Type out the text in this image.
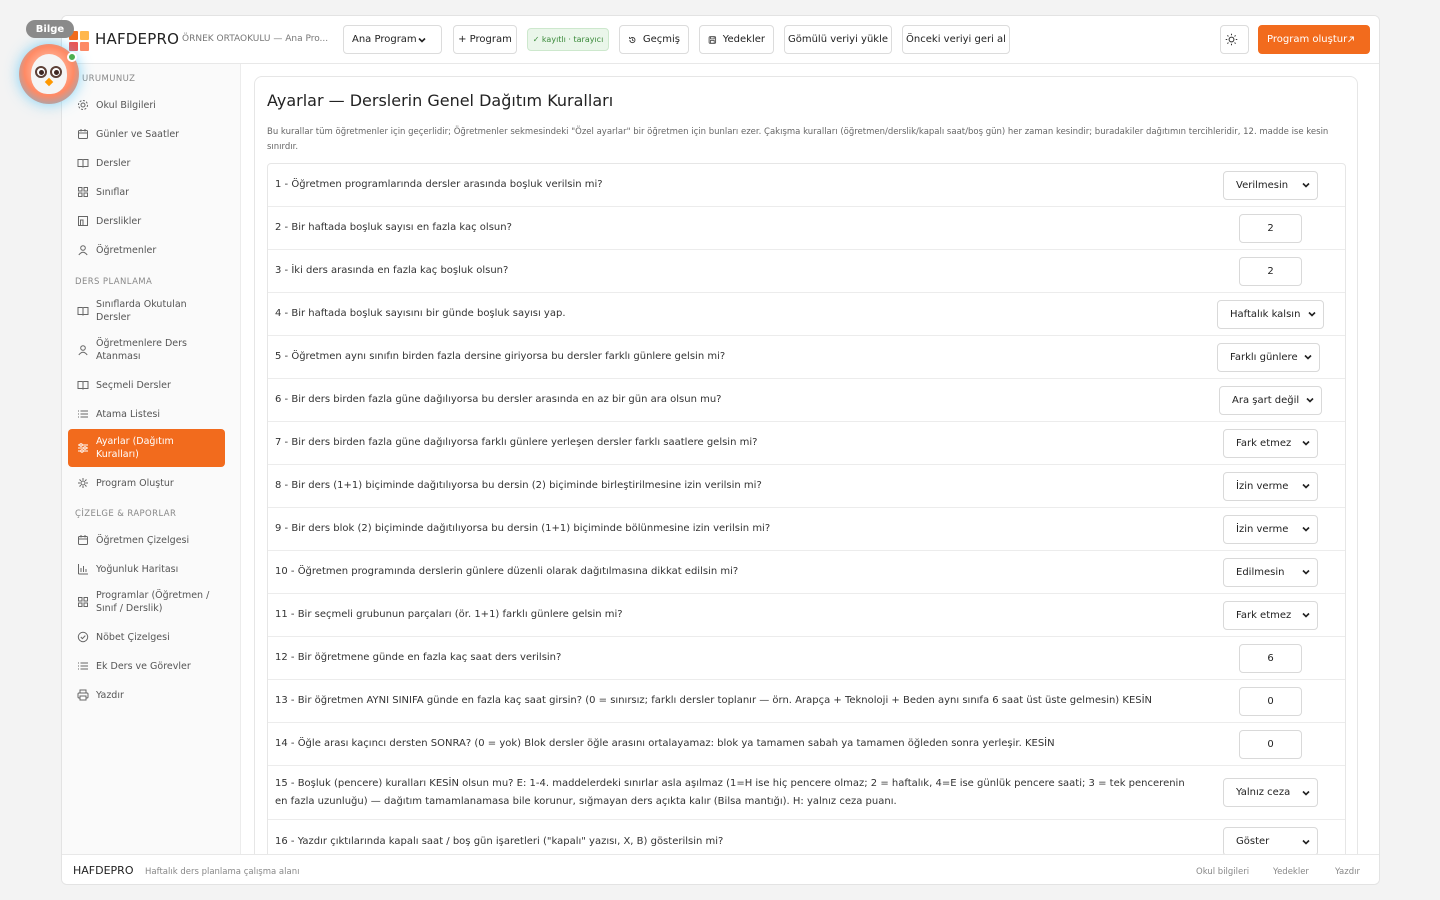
HAFDEPRO ÖRNEK ORTAOKULU — Ana Pro... Ana Program	+ Program	✓ kayıtlı · tarayıcı	Geçmiş	Yedekler	Gömülü veriyi yükle	Önceki veriyi geri al	Program oluştur
URUMUNUZ
Okul Bilgileri
Günler ve Saatler
Dersler
Sınıflar
Derslikler
Öğretmenler
DERS PLANLAMA
Sınıflarda Okutulan Dersler
Öğretmenlere Ders Atanması
Seçmeli Dersler
Atama Listesi
Ayarlar (Dağıtım Kuralları)
Program Oluştur
ÇİZELGE & RAPORLAR
Öğretmen Çizelgesi
Yoğunluk Haritası
Programlar (Öğretmen / Sınıf / Derslik)
Nöbet Çizelgesi
Ek Ders ve Görevler
Yazdır
Ayarlar — Derslerin Genel Dağıtım Kuralları
Bu kurallar tüm öğretmenler için geçerlidir; Öğretmenler sekmesindeki "Özel ayarlar" bir öğretmen için bunları ezer. Çakışma kuralları (öğretmen/derslik/kapalı saat/boş gün) her zaman kesindir; buradakiler dağıtımın tercihleridir, 12. madde ise kesin sınırdır.
1 - Öğretmen programlarında dersler arasında boşluk verilsin mi?	Verilmesin
2 - Bir haftada boşluk sayısı en fazla kaç olsun?	2
3 - İki ders arasında en fazla kaç boşluk olsun?	2
4 - Bir haftada boşluk sayısını bir günde boşluk sayısı yap.	Haftalık kalsın
5 - Öğretmen aynı sınıfın birden fazla dersine giriyorsa bu dersler farklı günlere gelsin mi?	Farklı günlere
6 - Bir ders birden fazla güne dağılıyorsa bu dersler arasında en az bir gün ara olsun mu?	Ara şart değil
7 - Bir ders birden fazla güne dağılıyorsa farklı günlere yerleşen dersler farklı saatlere gelsin mi?	Fark etmez
8 - Bir ders (1+1) biçiminde dağıtılıyorsa bu dersin (2) biçiminde birleştirilmesine izin verilsin mi?	İzin verme
9 - Bir ders blok (2) biçiminde dağıtılıyorsa bu dersin (1+1) biçiminde bölünmesine izin verilsin mi?	İzin verme
10 - Öğretmen programında derslerin günlere düzenli olarak dağıtılmasına dikkat edilsin mi?	Edilmesin
11 - Bir seçmeli grubunun parçaları (ör. 1+1) farklı günlere gelsin mi?	Fark etmez
12 - Bir öğretmene günde en fazla kaç saat ders verilsin?	6
13 - Bir öğretmen AYNI SINIFA günde en fazla kaç saat girsin? (0 = sınırsız; farklı dersler toplanır — örn. Arapça + Teknoloji + Beden aynı sınıfa 6 saat üst üste gelmesin) KESİN	0
14 - Öğle arası kaçıncı dersten SONRA? (0 = yok) Blok dersler öğle arasını ortalayamaz: blok ya tamamen sabah ya tamamen öğleden sonra yerleşir. KESİN	0
15 - Boşluk (pencere) kuralları KESİN olsun mu? E: 1-4. maddelerdeki sınırlar asla aşılmaz (1=H ise hiç pencere olmaz; 2 = haftalık, 4=E ise günlük pencere saati; 3 = tek pencerenin en fazla uzunluğu) — dağıtım tamamlanamasa bile korunur, sığmayan ders açıkta kalır (Bilsa mantığı). H: yalnız ceza puanı.
Yalnız ceza
16 - Yazdır çıktılarında kapalı saat / boş gün işaretleri ("kapalı" yazısı, X, B) gösterilsin mi?	Göster
HAFDEPRO Haftalık ders planlama çalışma alanı	Okul bilgileri	Yedekler	Yazdır
Bilge
